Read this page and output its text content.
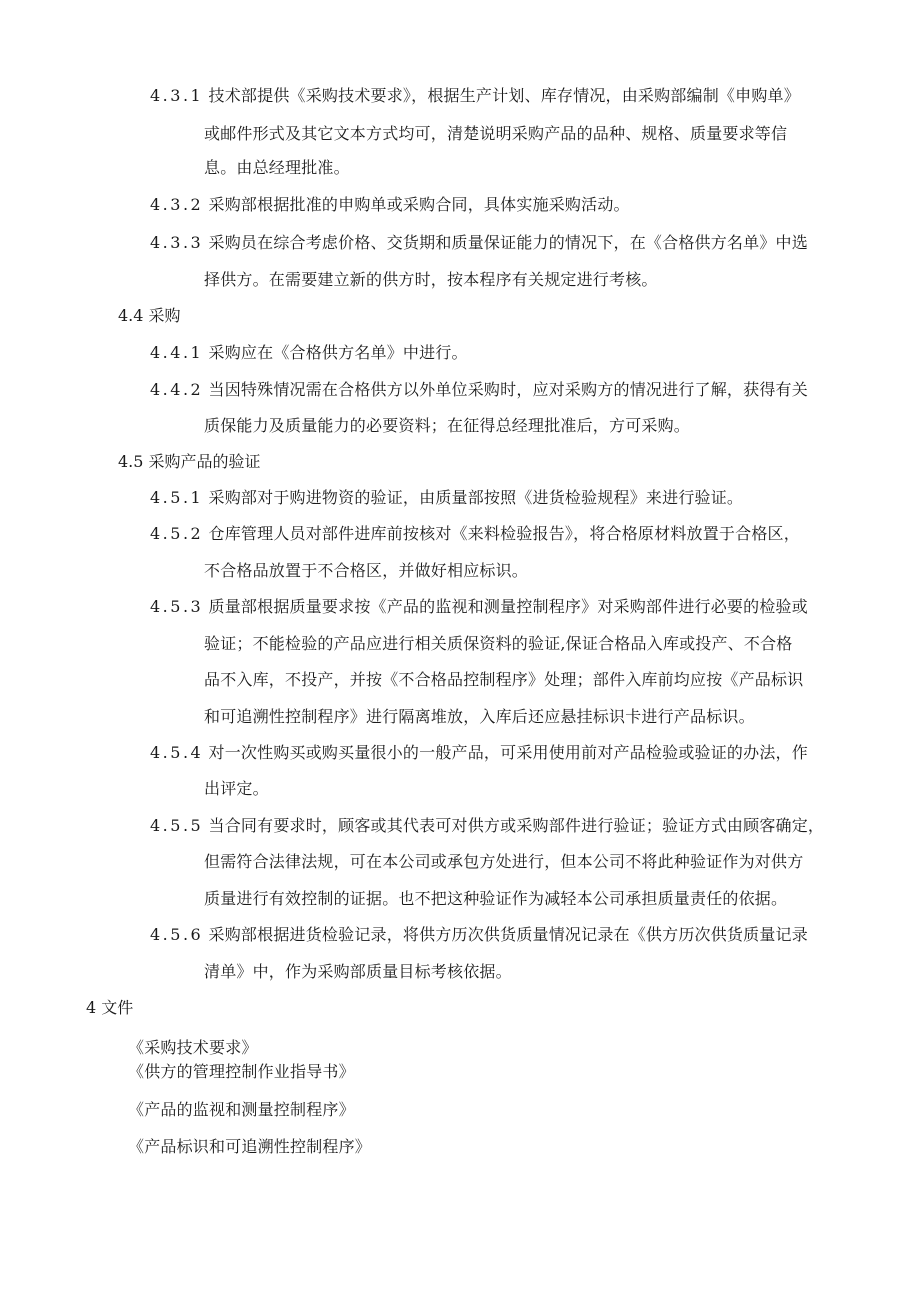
4.3.1 技术部提供《采购技术要求》，根据生产计划、库存情况，由采购部编制《申购单》
或邮件形式及其它文本方式均可，清楚说明采购产品的品种、规格、质量要求等信
息。由总经理批准。
4.3.2 采购部根据批准的申购单或采购合同，具体实施采购活动。
4.3.3 采购员在综合考虑价格、交货期和质量保证能力的情况下，在《合格供方名单》中选
择供方。在需要建立新的供方时，按本程序有关规定进行考核。
4.4 采购
4.4.1 采购应在《合格供方名单》中进行。
4.4.2 当因特殊情况需在合格供方以外单位采购时，应对采购方的情况进行了解，获得有关
质保能力及质量能力的必要资料；在征得总经理批准后，方可采购。
4.5 采购产品的验证
4.5.1 采购部对于购进物资的验证，由质量部按照《进货检验规程》来进行验证。
4.5.2 仓库管理人员对部件进库前按核对《来料检验报告》，将合格原材料放置于合格区，
不合格品放置于不合格区，并做好相应标识。
4.5.3 质量部根据质量要求按《产品的监视和测量控制程序》对采购部件进行必要的检验或
验证；不能检验的产品应进行相关质保资料的验证,保证合格品入库或投产、不合格
品不入库，不投产，并按《不合格品控制程序》处理；部件入库前均应按《产品标识
和可追溯性控制程序》进行隔离堆放，入库后还应悬挂标识卡进行产品标识。
4.5.4 对一次性购买或购买量很小的一般产品，可采用使用前对产品检验或验证的办法，作
出评定。
4.5.5 当合同有要求时，顾客或其代表可对供方或采购部件进行验证；验证方式由顾客确定，
但需符合法律法规，可在本公司或承包方处进行，但本公司不将此种验证作为对供方
质量进行有效控制的证据。也不把这种验证作为减轻本公司承担质量责任的依据。
4.5.6 采购部根据进货检验记录，将供方历次供货质量情况记录在《供方历次供货质量记录
清单》中，作为采购部质量目标考核依据。
4 文件
《采购技术要求》
《供方的管理控制作业指导书》
《产品的监视和测量控制程序》
《产品标识和可追溯性控制程序》
